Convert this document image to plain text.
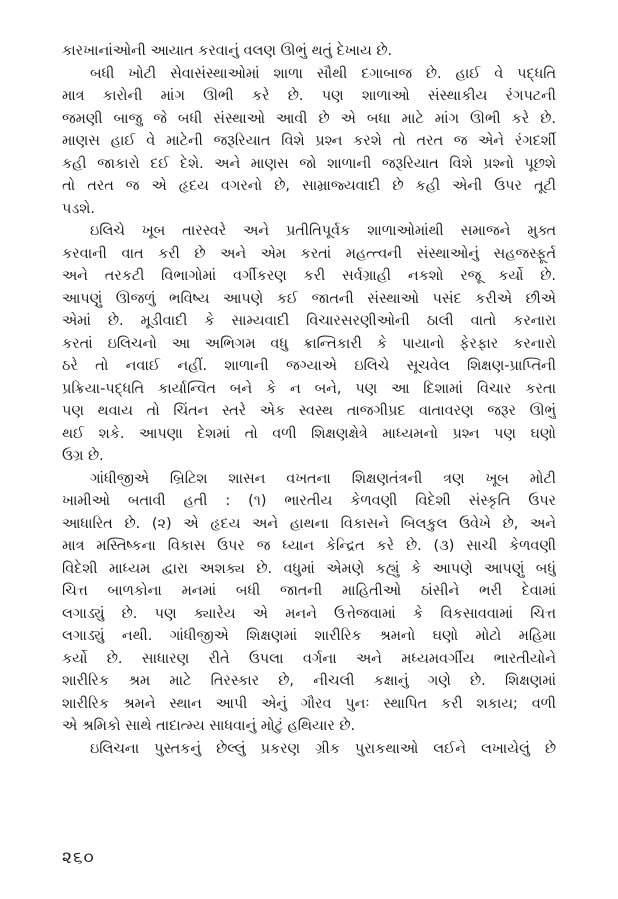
કારખાનાંઓની આયાત કરવાનું વલણ ઊભું થતું દેખાય છે.

બધી ખોટી સેવાસંસ્થાઓમાં શાળા સૌથી દગાબાજ છે. હાઈ વે પદ્ધતિ
માત્ર કારોની માંગ ઊભી કરે છે. પણ શાળાઓ સંસ્થાકીય રંગપટની
જમણી બાજુ જે બધી સંસ્થાઓ આવી છે એ બધા માટે માંગ ઊભી કરે છે.
માણસ હાઈ વે માટેની જરૂરિયાત વિશે પ્રશ્ન કરશે તો તરત જ એને રંગદર્શી
કહી જાકારો દઈ દેશે. અને માણસ જો શાળાની જરૂરિયાત વિશે પ્રશ્નો પૂછશે
તો તરત જ એ હૃદય વગરનો છે, સામ્રાજ્યવાદી છે કહી એની ઉપર તૂટી
પડશે.

ઇલિચે ખૂબ તારસ્વરે અને પ્રતીતિપૂર્વક શાળાઓમાંથી સમાજને મુક્ત
કરવાની વાત કરી છે અને એમ કરતાં મહત્ત્વની સંસ્થાઓનું સહજસ્ફૂર્ત
અને તરકટી વિભાગોમાં વર્ગીકરણ કરી સર્વગ્રાહી નકશો રજૂ કર્યો છે.
આપણું ઊજળું ભવિષ્ય આપણે કઈ જાતની સંસ્થાઓ પસંદ કરીએ છીએ
એમાં છે. મૂડીવાદી કે સામ્યવાદી વિચારસરણીઓની ઠાલી વાતો કરનારા
કરતાં ઇલિચનો આ અભિગમ વધુ ક્રાન્તિકારી કે પાયાનો ફેરફાર કરનારો
ઠરે તો નવાઈ નહીં. શાળાની જગ્યાએ ઇલિચે સૂચવેલ શિક્ષણ-પ્રાપ્તિની
પ્રક્રિયા-પદ્ધતિ કાર્યાન્વિત બને કે ન બને, પણ આ દિશામાં વિચાર કરતા
પણ થવાય તો ચિંતન સ્તરે એક સ્વસ્થ તાજગીપ્રદ વાતાવરણ જરૂર ઊભું
થઈ શકે. આપણા દેશમાં તો વળી શિક્ષણક્ષેત્રે માધ્યમનો પ્રશ્ન પણ ઘણો
ઉગ્ર છે.

ગાંધીજીએ બ્રિટિશ શાસન વખતના શિક્ષણતંત્રની ત્રણ ખૂબ મોટી
ખામીઓ બતાવી હતી : (૧) ભારતીય કેળવણી વિદેશી સંસ્કૃતિ ઉપર
આધારિત છે. (૨) એ હૃદય અને હાથના વિકાસને બિલકુલ ઉવેખે છે, અને
માત્ર મસ્તિષ્કના વિકાસ ઉપર જ ધ્યાન કેન્દ્રિત કરે છે. (૩) સાચી કેળવણી
વિદેશી માધ્યમ દ્વારા અશક્ય છે. વધુમાં એમણે કહ્યું કે આપણે આપણું બધું
ચિત્ત બાળકોના મનમાં બધી જાતની માહિતીઓ ઠાંસીને ભરી દેવામાં
લગાડ્યું છે. પણ ક્યારેય એ મનને ઉત્તેજવામાં કે વિકસાવવામાં ચિત્ત
લગાડ્યું નથી. ગાંધીજીએ શિક્ષણમાં શારીરિક શ્રમનો ઘણો મોટો મહિમા
કર્યો છે. સાધારણ રીતે ઉપલા વર્ગના અને મધ્યમવર્ગીય ભારતીયોને
શારીરિક શ્રમ માટે તિરસ્કાર છે, નીચલી કક્ષાનું ગણે છે. શિક્ષણમાં
શારીરિક શ્રમને સ્થાન આપી એનું ગૌરવ પુનઃ સ્થાપિત કરી શકાય; વળી
એ શ્રમિકો સાથે તાદાત્મ્ય સાધવાનું મોટું હથિયાર છે.

ઇલિચના પુસ્તકનું છેલ્લું પ્રકરણ ગ્રીક પુરાકથાઓ લઈને લખાયેલું છે

૨૬૦
